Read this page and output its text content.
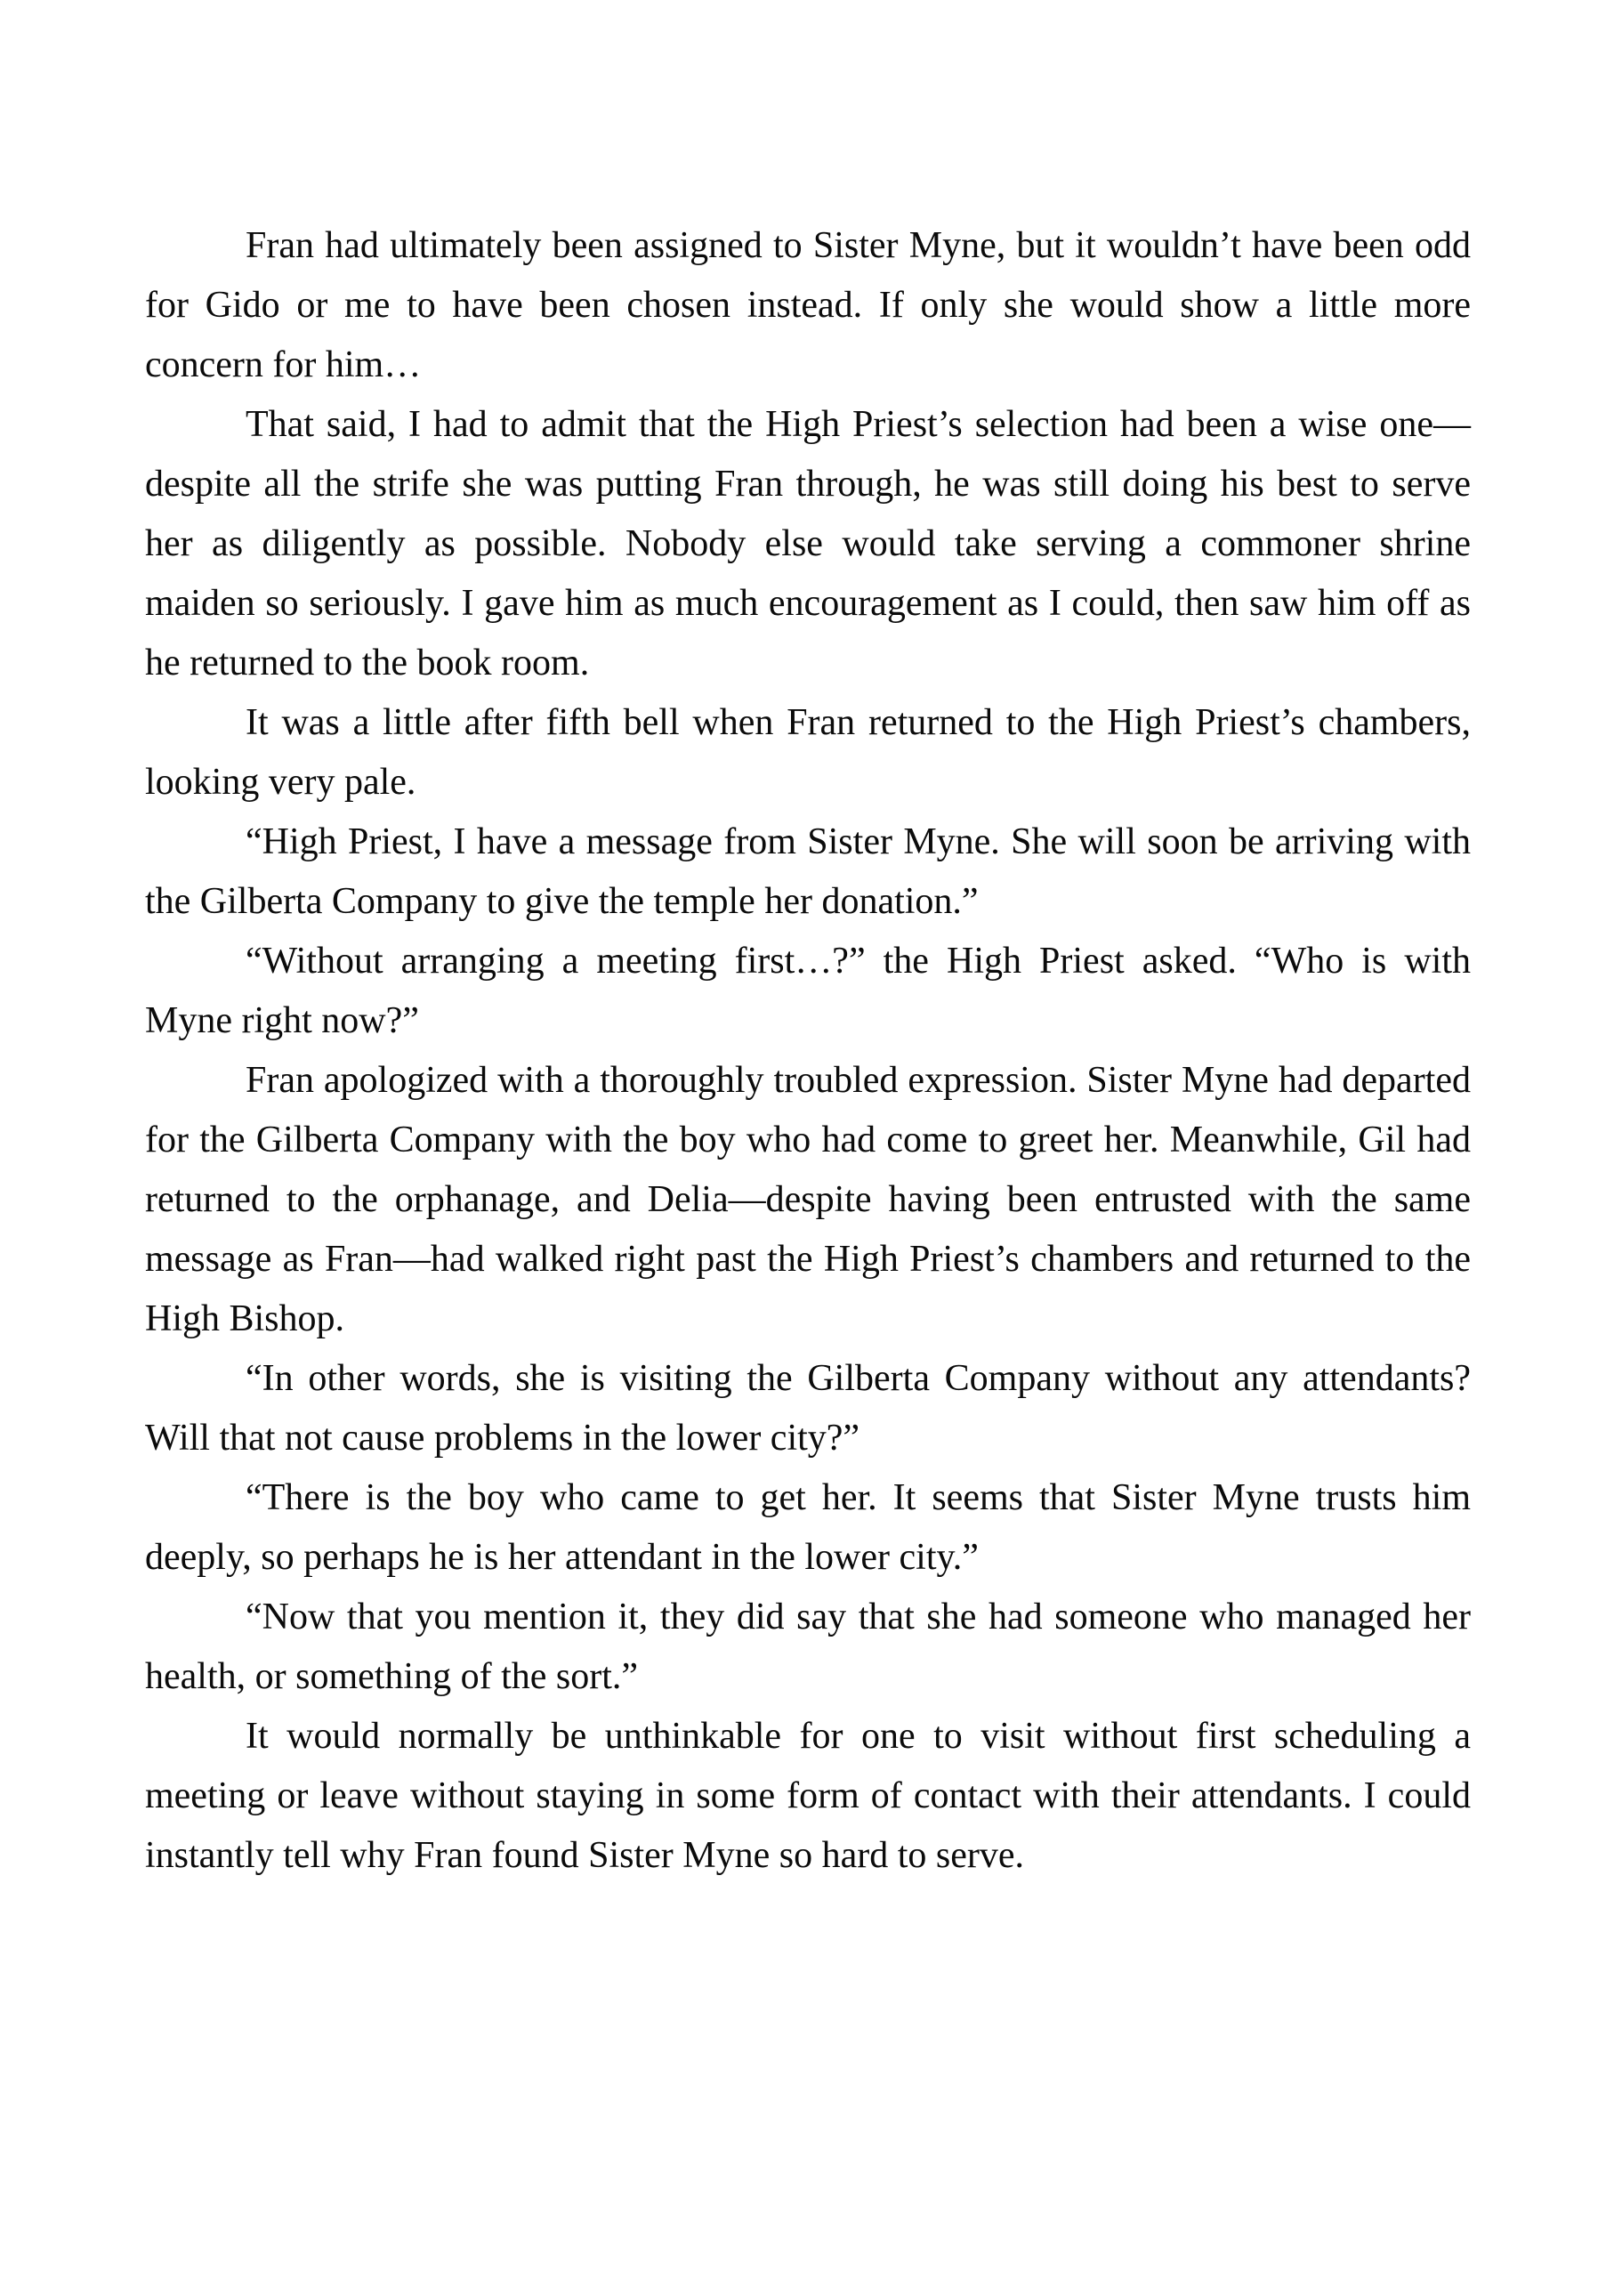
Fran had ultimately been assigned to Sister Myne, but it wouldn’t have been odd for Gido or me to have been chosen instead. If only she would show a little more concern for him…

That said, I had to admit that the High Priest’s selection had been a wise one—despite all the strife she was putting Fran through, he was still doing his best to serve her as diligently as possible. Nobody else would take serving a commoner shrine maiden so seriously. I gave him as much encouragement as I could, then saw him off as he returned to the book room.

It was a little after fifth bell when Fran returned to the High Priest’s chambers, looking very pale.

“High Priest, I have a message from Sister Myne. She will soon be arriving with the Gilberta Company to give the temple her donation.”

“Without arranging a meeting first…?” the High Priest asked. “Who is with Myne right now?”

Fran apologized with a thoroughly troubled expression. Sister Myne had departed for the Gilberta Company with the boy who had come to greet her. Meanwhile, Gil had returned to the orphanage, and Delia—despite having been entrusted with the same message as Fran—had walked right past the High Priest’s chambers and returned to the High Bishop.

“In other words, she is visiting the Gilberta Company without any attendants? Will that not cause problems in the lower city?”

“There is the boy who came to get her. It seems that Sister Myne trusts him deeply, so perhaps he is her attendant in the lower city.”

“Now that you mention it, they did say that she had someone who managed her health, or something of the sort.”

It would normally be unthinkable for one to visit without first scheduling a meeting or leave without staying in some form of contact with their attendants. I could instantly tell why Fran found Sister Myne so hard to serve.
